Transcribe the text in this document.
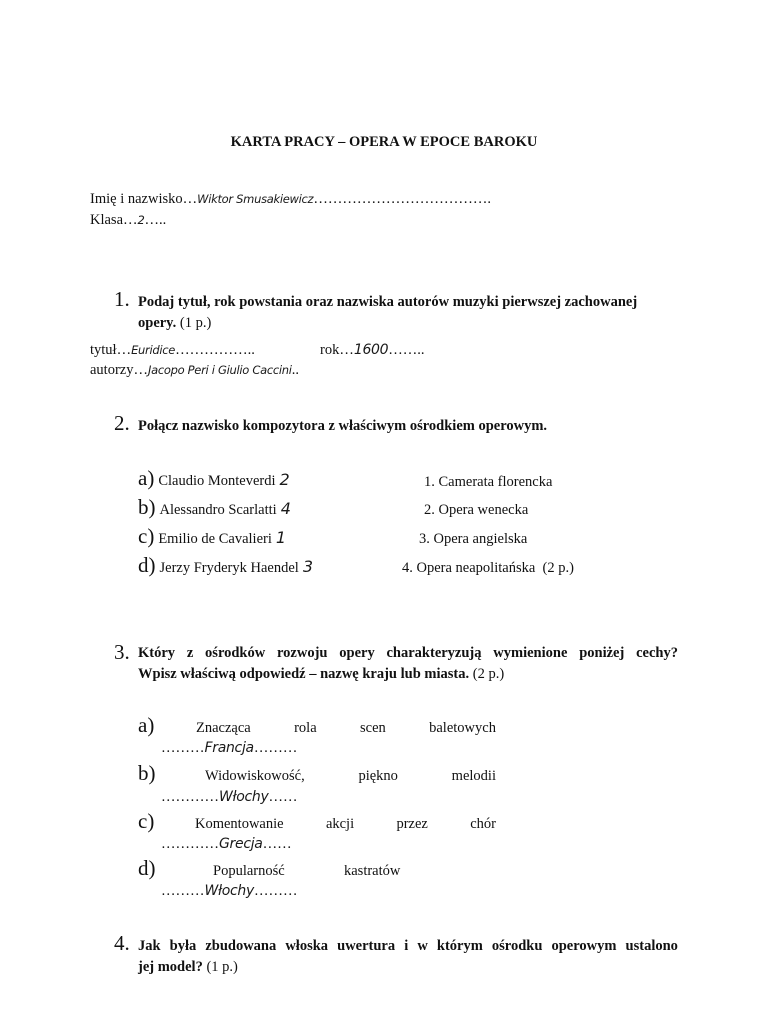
KARTA PRACY – OPERA W EPOCE BAROKU
Imię i nazwisko…Wiktor Smusakiewicz……………………………….
Klasa…2…..
1. Podaj tytuł, rok powstania oraz nazwiska autorów muzyki pierwszej zachowanej
opery. (1 p.)
tytuł…Euridice……………..	rok…1600……..
autorzy…Jacopo Peri i Giulio Caccini..
2. Połącz nazwisko kompozytora z właściwym ośrodkiem operowym.
a) Claudio Monteverdi 2
b) Alessandro Scarlatti 4
c) Emilio de Cavalieri 1
d) Jerzy Fryderyk Haendel 3
1. Camerata florencka
2. Opera wenecka
3. Opera angielska
4. Opera neapolitańska (2 p.)
3. Który z ośrodków rozwoju opery charakteryzują wymienione poniżej cechy?
Wpisz właściwą odpowiedź – nazwę kraju lub miasta. (2 p.)
a)	Znacząca	rola	scen	baletowych
………Francja………
b)	Widowiskowość,	piękno	melodii
…………Włochy……
c)	Komentowanie	akcji	przez	chór
…………Grecja……
d)	Popularność	kastratów
………Włochy………
4. Jak była zbudowana włoska uwertura i w którym ośrodku operowym ustalono
jej model? (1 p.)
